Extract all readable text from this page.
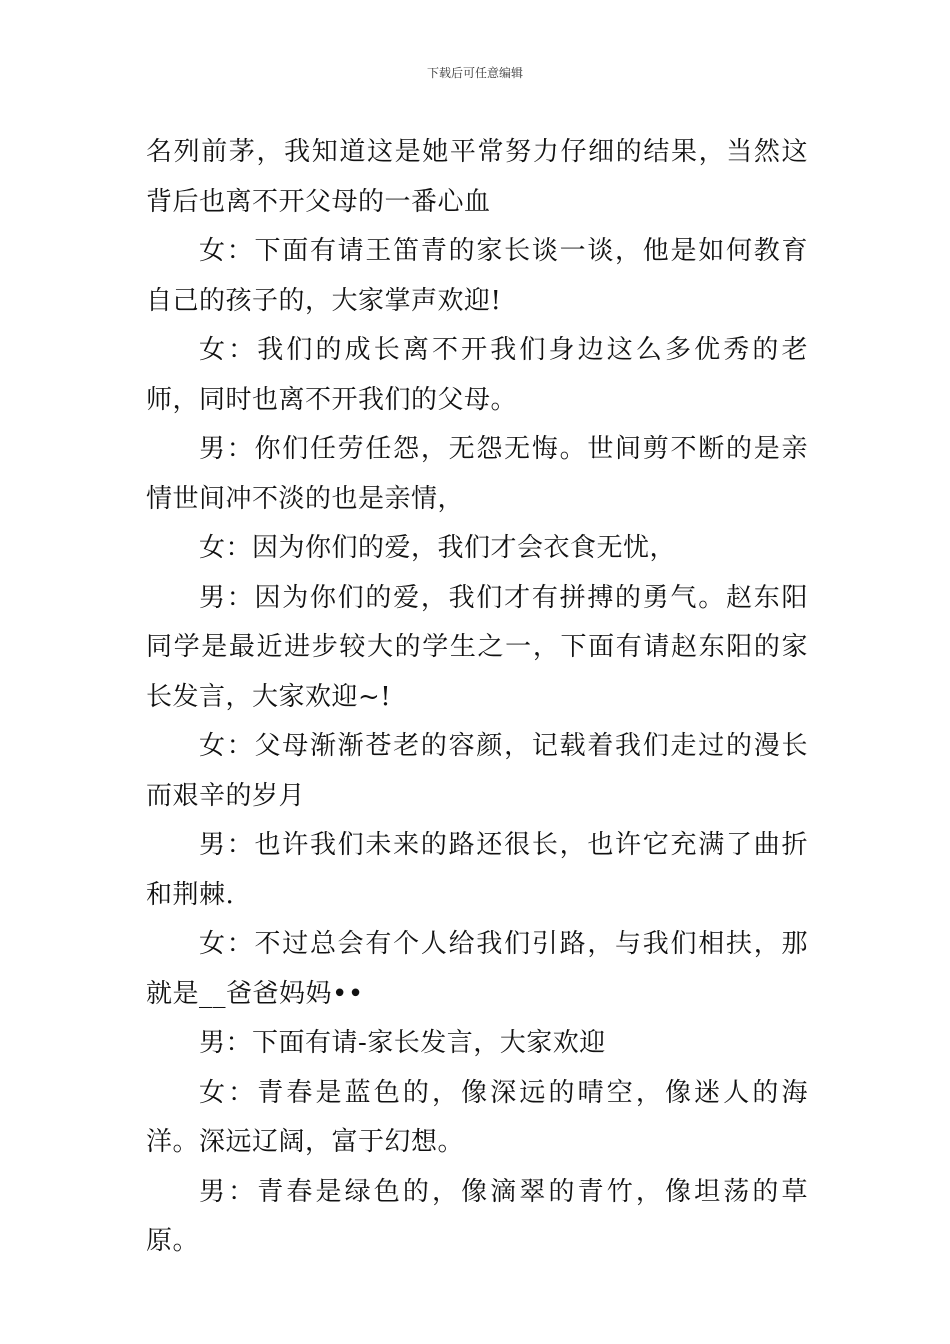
下载后可任意编辑

名列前茅，我知道这是她平常努力仔细的结果，当然这背后也离不开父母的一番心血

女：下面有请王笛青的家长谈一谈，他是如何教育自己的孩子的，大家掌声欢迎!

女：我们的成长离不开我们身边这么多优秀的老师，同时也离不开我们的父母。

男：你们任劳任怨，无怨无悔。世间剪不断的是亲情世间冲不淡的也是亲情，

女：因为你们的爱，我们才会衣食无忧，

男：因为你们的爱，我们才有拼搏的勇气。赵东阳同学是最近进步较大的学生之一，下面有请赵东阳的家长发言，大家欢迎~!

女：父母渐渐苍老的容颜，记载着我们走过的漫长而艰辛的岁月

男：也许我们未来的路还很长，也许它充满了曲折和荆棘.

女：不过总会有个人给我们引路，与我们相扶，那就是__爸爸妈妈••

男：下面有请-家长发言，大家欢迎

女：青春是蓝色的，像深远的晴空，像迷人的海洋。深远辽阔，富于幻想。

男：青春是绿色的，像滴翠的青竹，像坦荡的草原。
